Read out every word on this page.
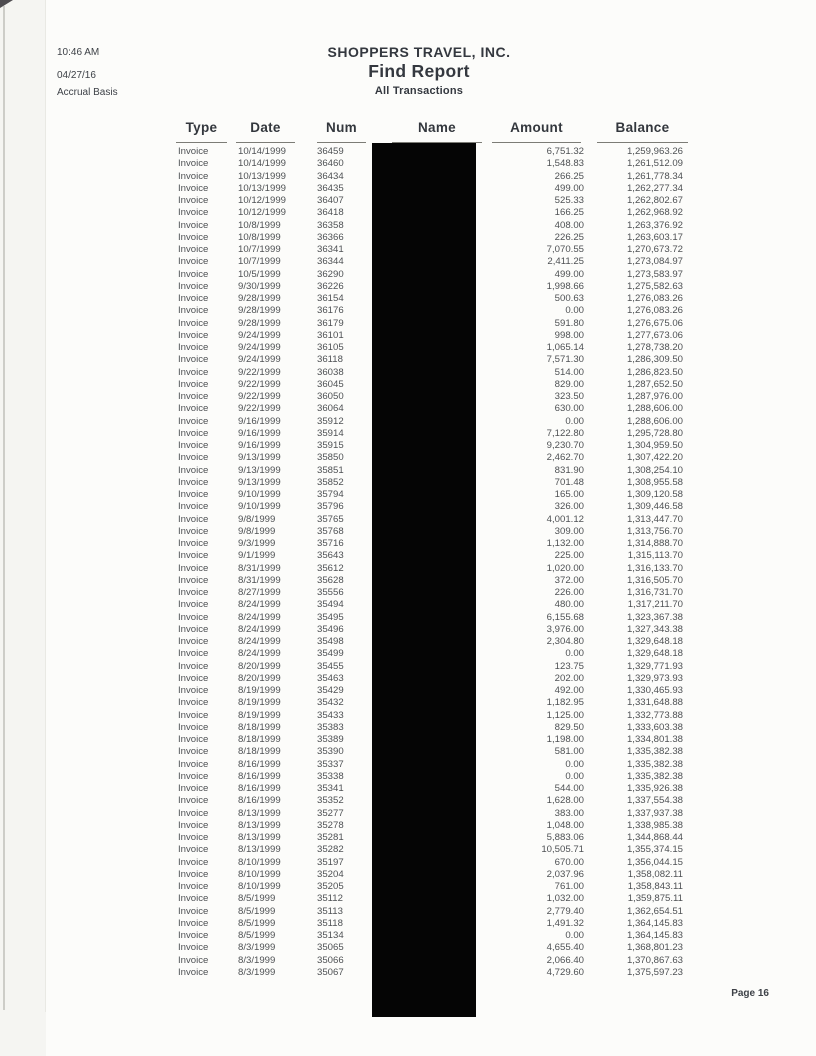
10:46 AM
04/27/16
Accrual Basis
SHOPPERS TRAVEL, INC.
Find Report
All Transactions
Type	Date	Num	Name	Amount	Balance
Invoice	10/14/1999	36459	6,751.32	1,259,963.26
Invoice	10/14/1999	36460	1,548.83	1,261,512.09
Invoice	10/13/1999	36434	266.25	1,261,778.34
Invoice	10/13/1999	36435	499.00	1,262,277.34
Invoice	10/12/1999	36407	525.33	1,262,802.67
Invoice	10/12/1999	36418	166.25	1,262,968.92
Invoice	10/8/1999	36358	408.00	1,263,376.92
Invoice	10/8/1999	36366	226.25	1,263,603.17
Invoice	10/7/1999	36341	7,070.55	1,270,673.72
Invoice	10/7/1999	36344	2,411.25	1,273,084.97
Invoice	10/5/1999	36290	499.00	1,273,583.97
Invoice	9/30/1999	36226	1,998.66	1,275,582.63
Invoice	9/28/1999	36154	500.63	1,276,083.26
Invoice	9/28/1999	36176	0.00	1,276,083.26
Invoice	9/28/1999	36179	591.80	1,276,675.06
Invoice	9/24/1999	36101	998.00	1,277,673.06
Invoice	9/24/1999	36105	1,065.14	1,278,738.20
Invoice	9/24/1999	36118	7,571.30	1,286,309.50
Invoice	9/22/1999	36038	514.00	1,286,823.50
Invoice	9/22/1999	36045	829.00	1,287,652.50
Invoice	9/22/1999	36050	323.50	1,287,976.00
Invoice	9/22/1999	36064	630.00	1,288,606.00
Invoice	9/16/1999	35912	0.00	1,288,606.00
Invoice	9/16/1999	35914	7,122.80	1,295,728.80
Invoice	9/16/1999	35915	9,230.70	1,304,959.50
Invoice	9/13/1999	35850	2,462.70	1,307,422.20
Invoice	9/13/1999	35851	831.90	1,308,254.10
Invoice	9/13/1999	35852	701.48	1,308,955.58
Invoice	9/10/1999	35794	165.00	1,309,120.58
Invoice	9/10/1999	35796	326.00	1,309,446.58
Invoice	9/8/1999	35765	4,001.12	1,313,447.70
Invoice	9/8/1999	35768	309.00	1,313,756.70
Invoice	9/3/1999	35716	1,132.00	1,314,888.70
Invoice	9/1/1999	35643	225.00	1,315,113.70
Invoice	8/31/1999	35612	1,020.00	1,316,133.70
Invoice	8/31/1999	35628	372.00	1,316,505.70
Invoice	8/27/1999	35556	226.00	1,316,731.70
Invoice	8/24/1999	35494	480.00	1,317,211.70
Invoice	8/24/1999	35495	6,155.68	1,323,367.38
Invoice	8/24/1999	35496	3,976.00	1,327,343.38
Invoice	8/24/1999	35498	2,304.80	1,329,648.18
Invoice	8/24/1999	35499	0.00	1,329,648.18
Invoice	8/20/1999	35455	123.75	1,329,771.93
Invoice	8/20/1999	35463	202.00	1,329,973.93
Invoice	8/19/1999	35429	492.00	1,330,465.93
Invoice	8/19/1999	35432	1,182.95	1,331,648.88
Invoice	8/19/1999	35433	1,125.00	1,332,773.88
Invoice	8/18/1999	35383	829.50	1,333,603.38
Invoice	8/18/1999	35389	1,198.00	1,334,801.38
Invoice	8/18/1999	35390	581.00	1,335,382.38
Invoice	8/16/1999	35337	0.00	1,335,382.38
Invoice	8/16/1999	35338	0.00	1,335,382.38
Invoice	8/16/1999	35341	544.00	1,335,926.38
Invoice	8/16/1999	35352	1,628.00	1,337,554.38
Invoice	8/13/1999	35277	383.00	1,337,937.38
Invoice	8/13/1999	35278	1,048.00	1,338,985.38
Invoice	8/13/1999	35281	5,883.06	1,344,868.44
Invoice	8/13/1999	35282	10,505.71	1,355,374.15
Invoice	8/10/1999	35197	670.00	1,356,044.15
Invoice	8/10/1999	35204	2,037.96	1,358,082.11
Invoice	8/10/1999	35205	761.00	1,358,843.11
Invoice	8/5/1999	35112	1,032.00	1,359,875.11
Invoice	8/5/1999	35113	2,779.40	1,362,654.51
Invoice	8/5/1999	35118	1,491.32	1,364,145.83
Invoice	8/5/1999	35134	0.00	1,364,145.83
Invoice	8/3/1999	35065	4,655.40	1,368,801.23
Invoice	8/3/1999	35066	2,066.40	1,370,867.63
Invoice	8/3/1999	35067	4,729.60	1,375,597.23
Page 16
